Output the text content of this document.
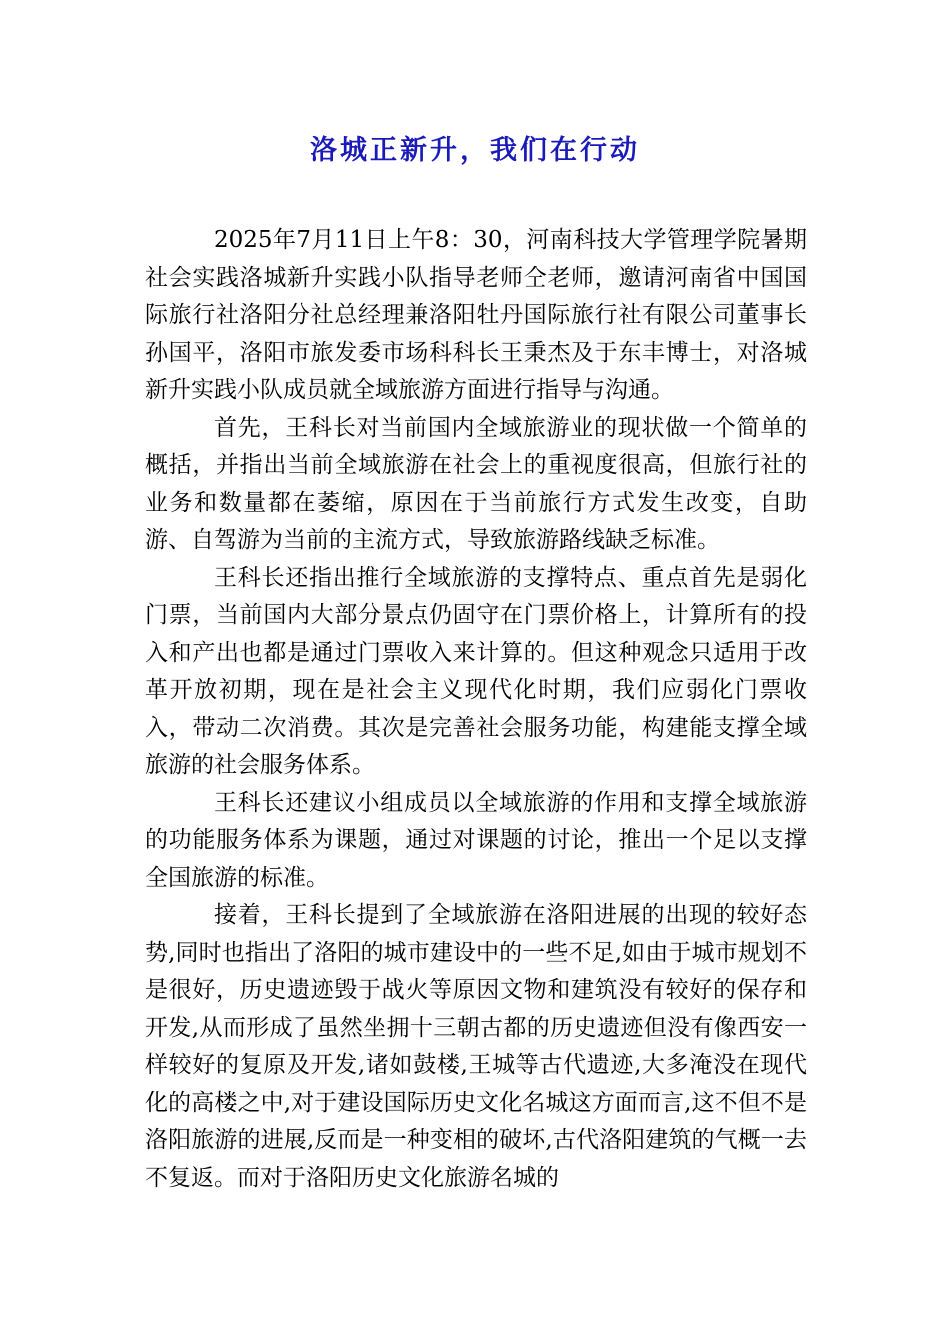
洛城正新升，我们在行动

2025年7月11日上午8：30，河南科技大学管理学院暑期社会实践洛城新升实践小队指导老师仝老师，邀请河南省中国国际旅行社洛阳分社总经理兼洛阳牡丹国际旅行社有限公司董事长孙国平，洛阳市旅发委市场科科长王秉杰及于东丰博士，对洛城新升实践小队成员就全域旅游方面进行指导与沟通。

首先，王科长对当前国内全域旅游业的现状做一个简单的概括，并指出当前全域旅游在社会上的重视度很高，但旅行社的业务和数量都在萎缩，原因在于当前旅行方式发生改变，自助游、自驾游为当前的主流方式，导致旅游路线缺乏标准。

王科长还指出推行全域旅游的支撑特点、重点首先是弱化门票，当前国内大部分景点仍固守在门票价格上，计算所有的投入和产出也都是通过门票收入来计算的。但这种观念只适用于改革开放初期，现在是社会主义现代化时期，我们应弱化门票收入，带动二次消费。其次是完善社会服务功能，构建能支撑全域旅游的社会服务体系。

王科长还建议小组成员以全域旅游的作用和支撑全域旅游的功能服务体系为课题，通过对课题的讨论，推出一个足以支撑全国旅游的标准。

接着，王科长提到了全域旅游在洛阳进展的出现的较好态势,同时也指出了洛阳的城市建设中的一些不足,如由于城市规划不是很好，历史遗迹毁于战火等原因文物和建筑没有较好的保存和开发,从而形成了虽然坐拥十三朝古都的历史遗迹但没有像西安一样较好的复原及开发,诸如鼓楼,王城等古代遗迹,大多淹没在现代化的高楼之中,对于建设国际历史文化名城这方面而言,这不但不是洛阳旅游的进展,反而是一种变相的破坏,古代洛阳建筑的气概一去不复返。而对于洛阳历史文化旅游名城的
